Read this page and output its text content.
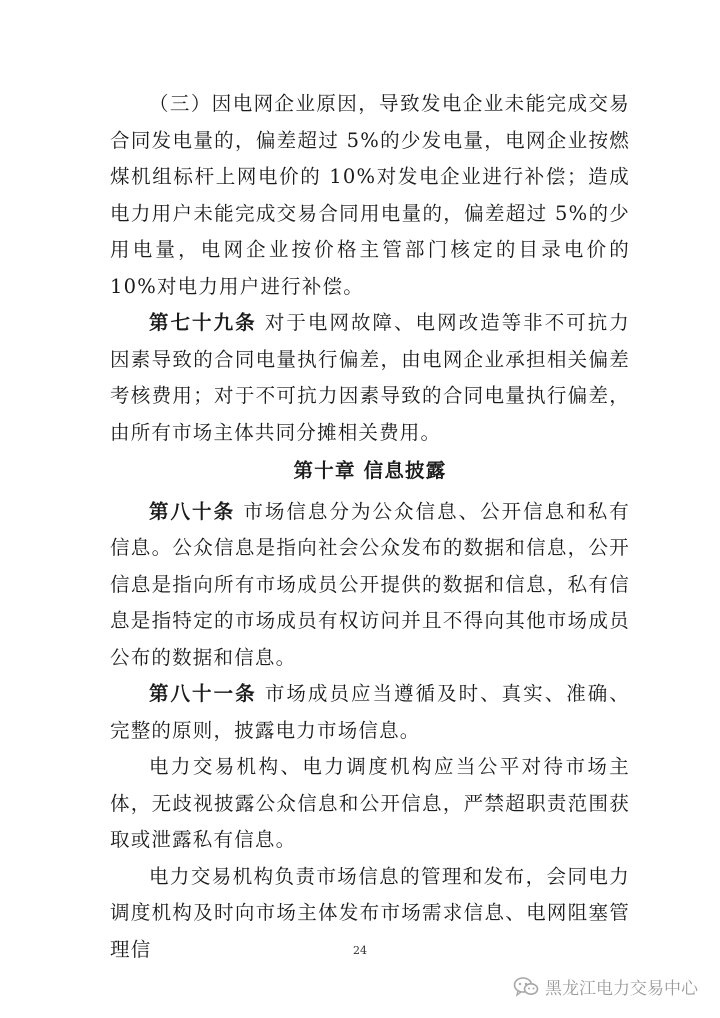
（三）因电网企业原因，导致发电企业未能完成交易合同发电量的，偏差超过 5%的少发电量，电网企业按燃煤机组标杆上网电价的 10%对发电企业进行补偿；造成电力用户未能完成交易合同用电量的，偏差超过 5%的少用电量，电网企业按价格主管部门核定的目录电价的 10%对电力用户进行补偿。

第七十九条 对于电网故障、电网改造等非不可抗力因素导致的合同电量执行偏差，由电网企业承担相关偏差考核费用；对于不可抗力因素导致的合同电量执行偏差，由所有市场主体共同分摊相关费用。

第十章 信息披露

第八十条 市场信息分为公众信息、公开信息和私有信息。公众信息是指向社会公众发布的数据和信息，公开信息是指向所有市场成员公开提供的数据和信息，私有信息是指特定的市场成员有权访问并且不得向其他市场成员公布的数据和信息。

第八十一条 市场成员应当遵循及时、真实、准确、完整的原则，披露电力市场信息。

电力交易机构、电力调度机构应当公平对待市场主体，无歧视披露公众信息和公开信息，严禁超职责范围获取或泄露私有信息。

电力交易机构负责市场信息的管理和发布，会同电力调度机构及时向市场主体发布市场需求信息、电网阻塞管理信	24
黑龙江电力交易中心
